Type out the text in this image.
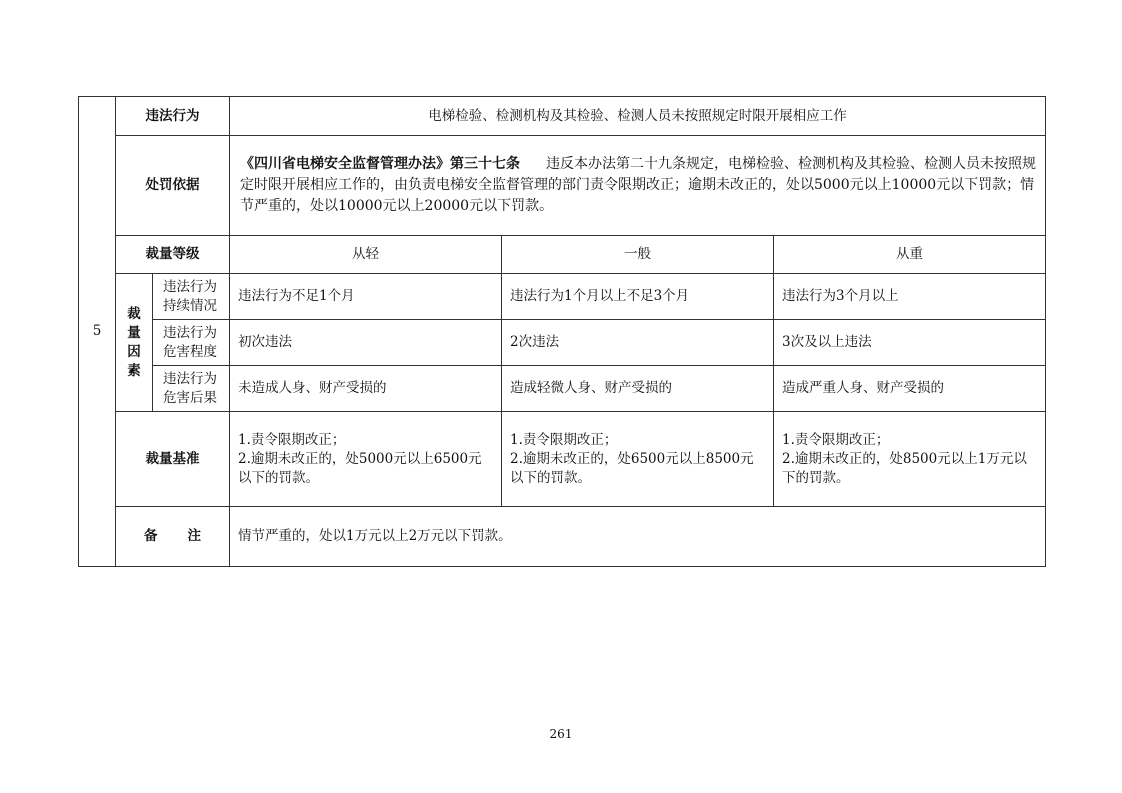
5	违法行为		电梯检验、检测机构及其检验、检测人员未按照规定时限开展相应工作		
	处罚依据		《四川省电梯安全监督管理办法》第三十七条 违反本办法第二十九条规定，电梯检验、检测机构及其检验、检测人员未按照规定时限开展相应工作的，由负责电梯安全监督管理的部门责令限期改正；逾期未改正的，处以5000元以上10000元以下罚款；情节严重的，处以10000元以上20000元以下罚款。		
	裁量等级		从轻	一般	从重

	裁
量
因
素	违法行为持续情况	违法行为不足1个月	违法行为1个月以上不足3个月	违法行为3个月以上
		违法行为危害程度	初次违法	2次违法	3次及以上违法
		违法行为危害后果	未造成人身、财产受损的	造成轻微人身、财产受损的	造成严重人身、财产受损的
	裁量基准		1.责令限期改正；
2.逾期未改正的，处5000元以上6500元以下的罚款。	1.责令限期改正；
2.逾期未改正的，处6500元以上8500元以下的罚款。	1.责令限期改正；
2.逾期未改正的，处8500元以上1万元以下的罚款。

	备 注		情节严重的，处以1万元以上2万元以下罚款。		
261
